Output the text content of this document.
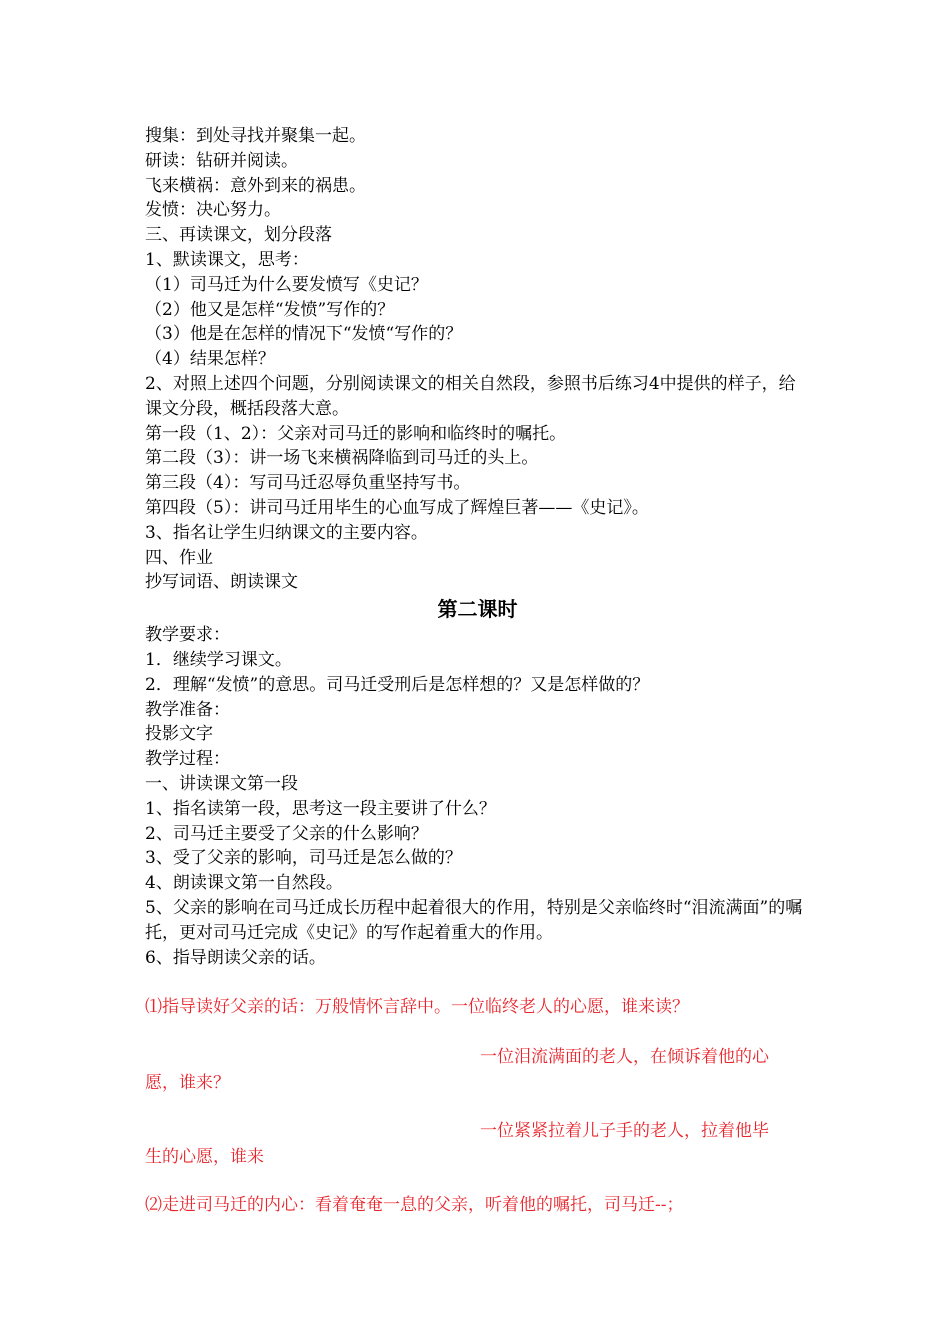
搜集：到处寻找并聚集一起。
研读：钻研并阅读。
飞来横祸：意外到来的祸患。
发愤：决心努力。
三、再读课文，划分段落
1、默读课文，思考：
（1）司马迁为什么要发愤写《史记？
（2）他又是怎样“发愤”写作的？
（3）他是在怎样的情况下“发愤“写作的？
（4）结果怎样？
2、对照上述四个问题，分别阅读课文的相关自然段，参照书后练习4中提供的样子，给课文分段，概括段落大意。
第一段（1、2）：父亲对司马迁的影响和临终时的嘱托。
第二段（3）：讲一场飞来横祸降临到司马迁的头上。
第三段（4）：写司马迁忍辱负重坚持写书。
第四段（5）：讲司马迁用毕生的心血写成了辉煌巨著——《史记》。
3、指名让学生归纳课文的主要内容。
四、作业
抄写词语、朗读课文
第二课时
教学要求：
1．继续学习课文。
2．理解“发愤”的意思。司马迁受刑后是怎样想的？又是怎样做的？
教学准备：
投影文字
教学过程：
一、讲读课文第一段
1、指名读第一段，思考这一段主要讲了什么？
2、司马迁主要受了父亲的什么影响？
3、受了父亲的影响，司马迁是怎么做的？
4、朗读课文第一自然段。
5、父亲的影响在司马迁成长历程中起着很大的作用，特别是父亲临终时“泪流满面”的嘱托，更对司马迁完成《史记》的写作起着重大的作用。
6、指导朗读父亲的话。
⑴指导读好父亲的话：万般情怀言辞中。一位临终老人的心愿，谁来读？
一位泪流满面的老人，在倾诉着他的心
愿，谁来？
一位紧紧拉着儿子手的老人，拉着他毕
生的心愿，谁来
⑵走进司马迁的内心：看着奄奄一息的父亲，听着他的嘱托，司马迁--；
